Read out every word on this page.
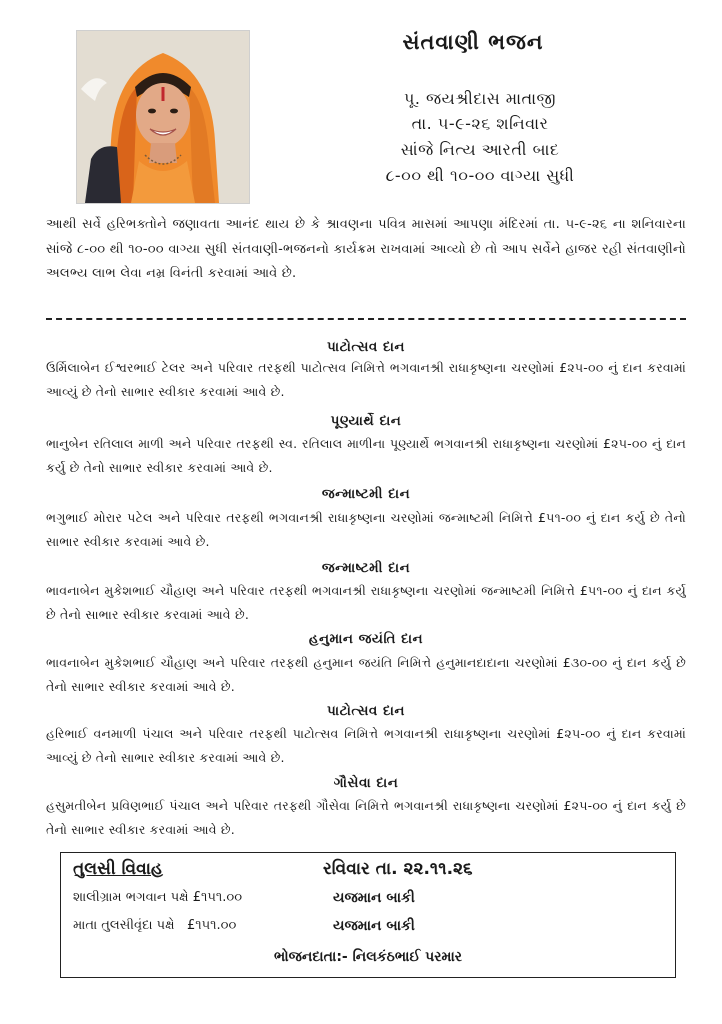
સંતવાણી ભજન
પૂ. જયશ્રીદાસ માતાજી
તા. ૫-૯-૨૬ શનિવાર
સાંજે નિત્ય આરતી બાદ
૮-૦૦ થી ૧૦-૦૦ વાગ્યા સુધી
આથી સર્વે હરિભક્તોને જણાવતા આનંદ થાય છે કે શ્રાવણના પવિત્ર માસમાં આપણા મંદિરમાં તા. ૫-૯-૨૬ ના શનિવારના સાંજે ૮-૦૦ થી ૧૦-૦૦ વાગ્યા સુધી સંતવાણી-ભજનનો કાર્યક્રમ રાખવામાં આવ્યો છે તો આપ સર્વેને હાજર રહી સંતવાણીનો અલભ્ય લાભ લેવા નમ્ર વિનંતી કરવામાં આવે છે.
પાટોત્સવ દાન
ઉર્મિલાબેન ઈશ્વરભાઈ ટેલર અને પરિવાર તરફથી પાટોત્સવ નિમિત્તે ભગવાનશ્રી રાધાકૃષ્ણના ચરણોમાં £૨૫-૦૦ નું દાન કરવામાં આવ્યું છે તેનો સાભાર સ્વીકાર કરવામાં આવે છે.
પૂણ્યાર્થે દાન
ભાનુબેન રતિલાલ માળી અને પરિવાર તરફથી સ્વ. રતિલાલ માળીના પૂણ્યાર્થે ભગવાનશ્રી રાધાકૃષ્ણના ચરણોમાં £૨૫-૦૦ નું દાન કર્યુ છે તેનો સાભાર સ્વીકાર કરવામાં આવે છે.
જન્માષ્ટમી દાન
ભગુભાઈ મોરાર પટેલ અને પરિવાર તરફથી ભગવાનશ્રી રાધાકૃષ્ણના ચરણોમાં જન્માષ્ટમી નિમિત્તે £૫૧-૦૦ નું દાન કર્યુ છે તેનો સાભાર સ્વીકાર કરવામાં આવે છે.
જન્માષ્ટમી દાન
ભાવનાબેન મુકેશભાઈ ચૌહાણ અને પરિવાર તરફથી ભગવાનશ્રી રાધાકૃષ્ણના ચરણોમાં જન્માષ્ટમી નિમિત્તે £૫૧-૦૦ નું દાન કર્યુ છે તેનો સાભાર સ્વીકાર કરવામાં આવે છે.
હનુમાન જયંતિ દાન
ભાવનાબેન મુકેશભાઈ ચૌહાણ અને પરિવાર તરફથી હનુમાન જયંતિ નિમિત્તે હનુમાનદાદાના ચરણોમાં £૩૦-૦૦ નું દાન કર્યુ છે તેનો સાભાર સ્વીકાર કરવામાં આવે છે.
પાટોત્સવ દાન
હરિભાઈ વનમાળી પંચાલ અને પરિવાર તરફથી પાટોત્સવ નિમિત્તે ભગવાનશ્રી રાધાકૃષ્ણના ચરણોમાં £૨૫-૦૦ નું દાન કરવામાં આવ્યું છે તેનો સાભાર સ્વીકાર કરવામાં આવે છે.
ગૌસેવા દાન
હસુમતીબેન પ્રવિણભાઈ પંચાલ અને પરિવાર તરફથી ગૌસેવા નિમિત્તે ભગવાનશ્રી રાધાકૃષ્ણના ચરણોમાં £૨૫-૦૦ નું દાન કર્યુ છે તેનો સાભાર સ્વીકાર કરવામાં આવે છે.
તુલસી વિવાહ	રવિવાર તા. ૨૨.૧૧.૨૬
શાલીગ્રામ ભગવાન પક્ષે £૧૫૧.૦૦	યજમાન બાકી
માતા તુલસીવૃંદા પક્ષે   £૧૫૧.૦૦	યજમાન બાકી
ભોજનદાતા:- નિલકંઠભાઈ પરમાર
